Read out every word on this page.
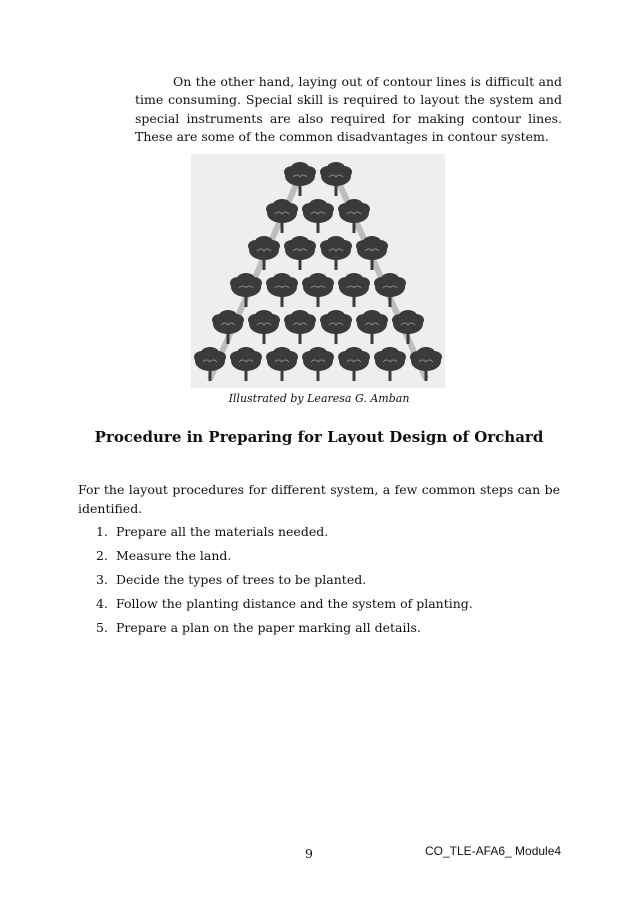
On the other hand, laying out of contour lines is difficult and time consuming. Special skill is required to layout the system and special instruments are also required for making contour lines. These are some of the common disadvantages in contour system.
Illustrated by Learesa G. Amban
Procedure in Preparing for Layout Design of Orchard
For the layout procedures for different system, a few common steps can be identified.
1. Prepare all the materials needed.
2. Measure the land.
3. Decide the types of trees to be planted.
4. Follow the planting distance and the system of planting.
5. Prepare a plan on the paper marking all details.
9	CO_TLE-AFA6_ Module4
